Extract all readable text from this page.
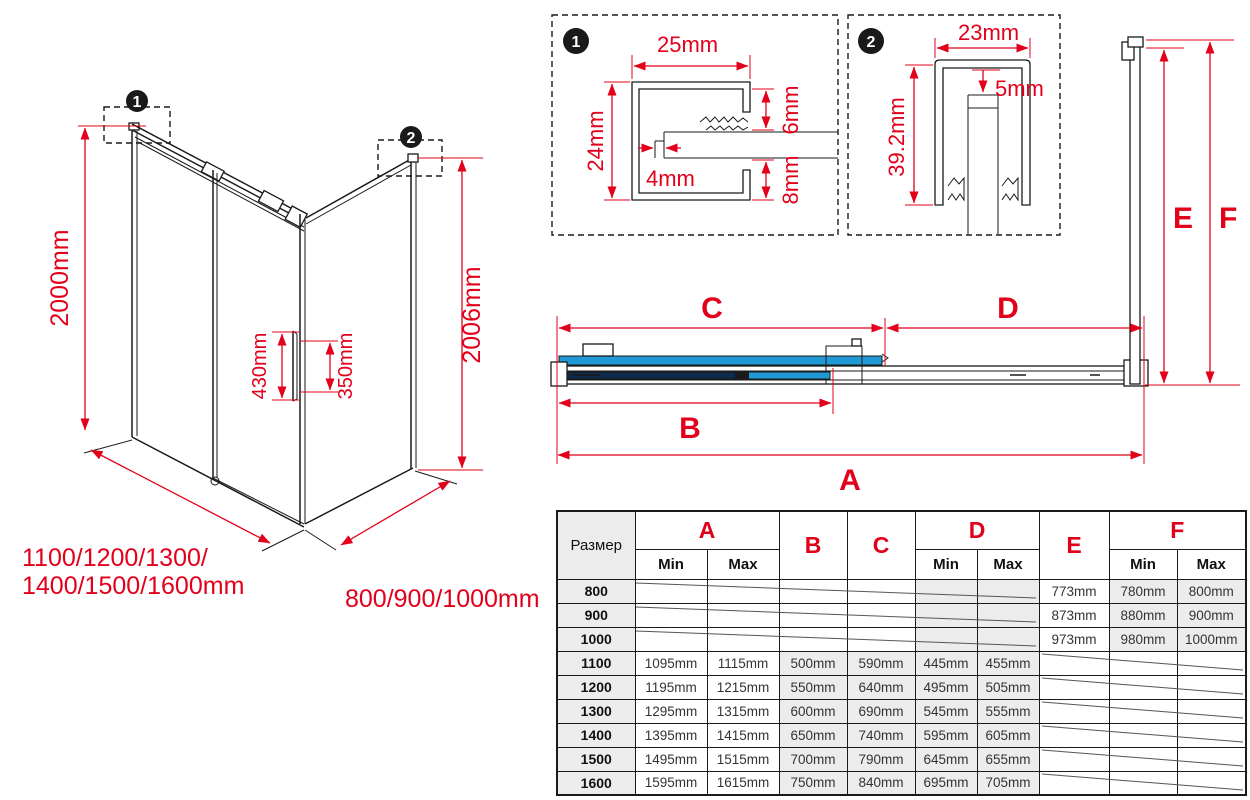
1
2
2000mm	2006mm
430mm	350mm
1100/1200/1300/
1400/1500/1600mm	800/900/1000mm
1	25mm
24mm
6mm
8mm
4mm
2	23mm
39.2mm
5mm
C	D
B
A
E F
Размер	A		B	C	D		E	F	
	Min	Max			Min	Max		Min	Max
800							773mm	780mm	800mm
900							873mm	880mm	900mm
1000							973mm	980mm	1000mm
1100	1095mm	1115mm	500mm	590mm	445mm	455mm			
1200	1195mm	1215mm	550mm	640mm	495mm	505mm			
1300	1295mm	1315mm	600mm	690mm	545mm	555mm			
1400	1395mm	1415mm	650mm	740mm	595mm	605mm			
1500	1495mm	1515mm	700mm	790mm	645mm	655mm			
1600	1595mm	1615mm	750mm	840mm	695mm	705mm			
